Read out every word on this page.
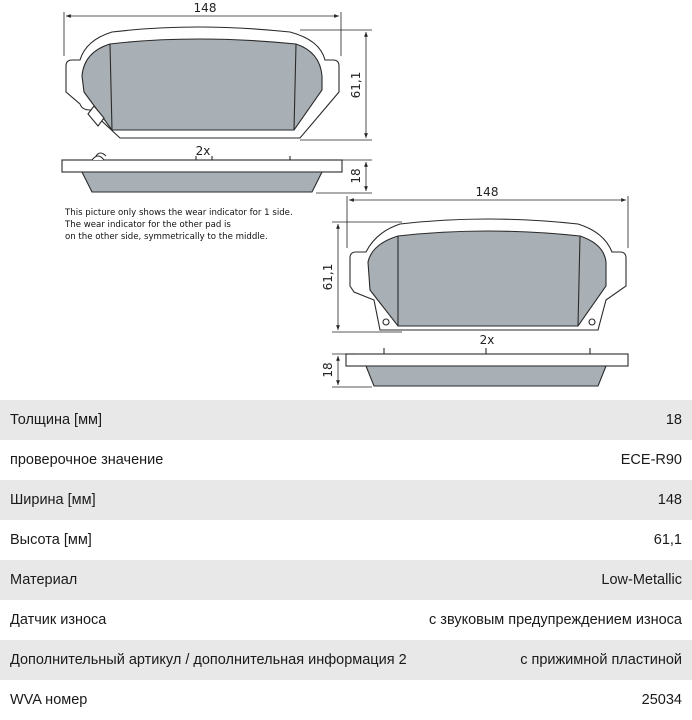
148
61,1
2x
18
This picture only shows the wear indicator for 1 side.
The wear indicator for the other pad is
on the other side, symmetrically to the middle.
148
61,1
2x
18
Толщина [мм]	18
проверочное значение	ECE-R90
Ширина [мм]	148
Высота [мм]	61,1
Материал	Low-Metallic
Датчик износа	с звуковым предупреждением износа
Дополнительный артикул / дополнительная информация 2	с прижимной пластиной
WVA номер	25034
